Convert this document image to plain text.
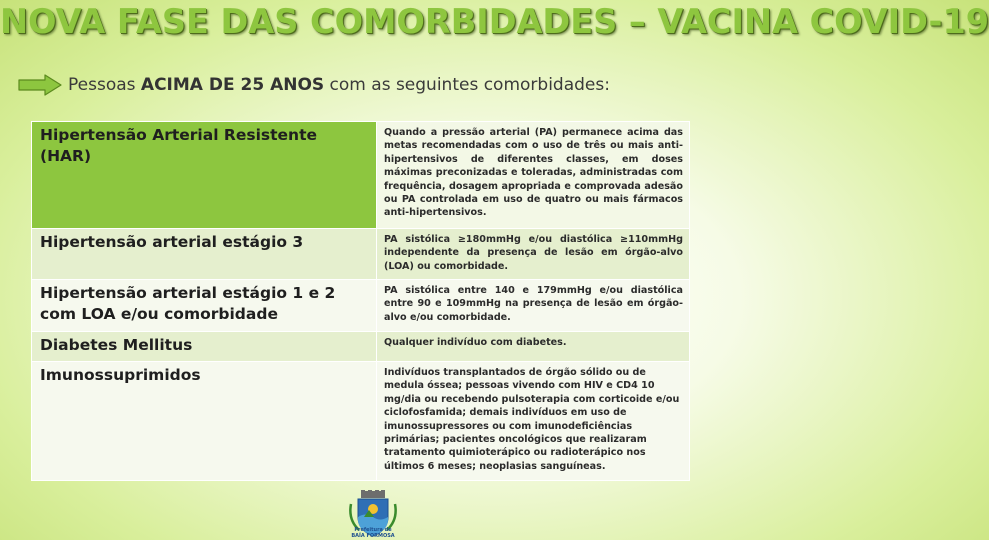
NOVA FASE DAS COMORBIDADES – VACINA COVID-19
Pessoas ACIMA DE 25 ANOS com as seguintes comorbidades:
Hipertensão Arterial Resistente (HAR)	Quando a pressão arterial (PA) permanece acima das metas recomendadas com o uso de três ou mais anti-hipertensivos de diferentes classes, em doses máximas preconizadas e toleradas, administradas com frequência, dosagem apropriada e comprovada adesão ou PA controlada em uso de quatro ou mais fármacos anti-hipertensivos.
Hipertensão arterial estágio 3	PA sistólica ≥180mmHg e/ou diastólica ≥110mmHg independente da presença de lesão em órgão-alvo (LOA) ou comorbidade.
Hipertensão arterial estágio 1 e 2 com LOA e/ou comorbidade	PA sistólica entre 140 e 179mmHg e/ou diastólica entre 90 e 109mmHg na presença de lesão em órgão-alvo e/ou comorbidade.
Diabetes Mellitus	Qualquer indivíduo com diabetes.
Imunossuprimidos	Indivíduos transplantados de órgão sólido ou de medula óssea; pessoas vivendo com HIV e CD4 10 mg/dia ou recebendo pulsoterapia com corticoide e/ou ciclofosfamida; demais indivíduos em uso de imunossupressores ou com imunodeficiências primárias; pacientes oncológicos que realizaram tratamento quimioterápico ou radioterápico nos últimos 6 meses; neoplasias sanguíneas.
Prefeitura de
BAÍA FORMOSA
